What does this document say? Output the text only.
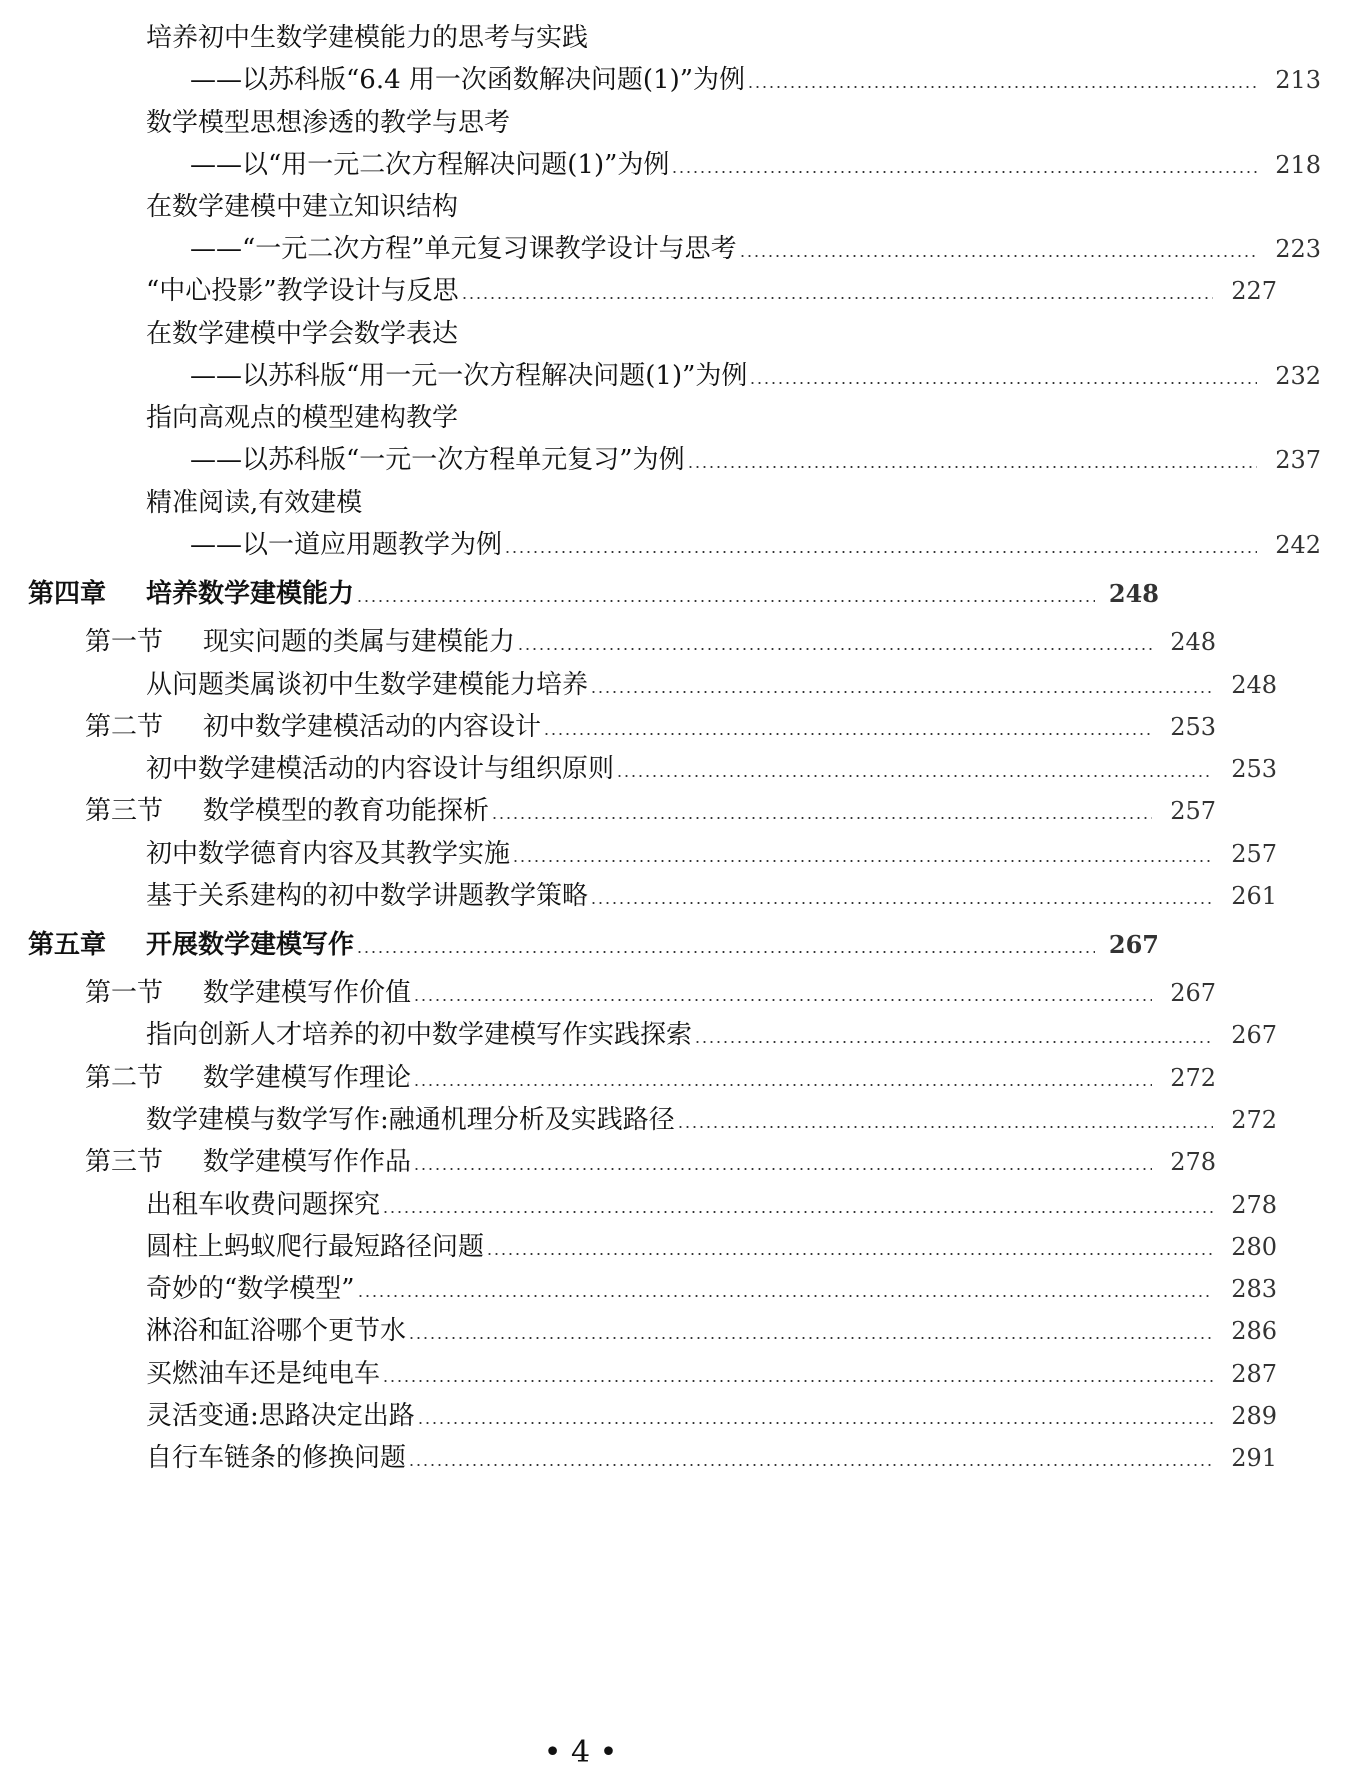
培养初中生数学建模能力的思考与实践
——以苏科版“6.4 用一次函数解决问题(1)”为例	213
数学模型思想渗透的教学与思考
——以“用一元二次方程解决问题(1)”为例	218
在数学建模中建立知识结构
——“一元二次方程”单元复习课教学设计与思考	223
“中心投影”教学设计与反思	227
在数学建模中学会数学表达
——以苏科版“用一元一次方程解决问题(1)”为例	232
指向高观点的模型建构教学
——以苏科版“一元一次方程单元复习”为例	237
精准阅读,有效建模
——以一道应用题教学为例	242
第四章 培养数学建模能力	248
第一节 现实问题的类属与建模能力	248
从问题类属谈初中生数学建模能力培养	248
第二节 初中数学建模活动的内容设计	253
初中数学建模活动的内容设计与组织原则	253
第三节 数学模型的教育功能探析	257
初中数学德育内容及其教学实施	257
基于关系建构的初中数学讲题教学策略	261
第五章 开展数学建模写作	267
第一节 数学建模写作价值	267
指向创新人才培养的初中数学建模写作实践探索	267
第二节 数学建模写作理论	272
数学建模与数学写作:融通机理分析及实践路径	272
第三节 数学建模写作作品	278
出租车收费问题探究	278
圆柱上蚂蚁爬行最短路径问题	280
奇妙的“数学模型”	283
淋浴和缸浴哪个更节水	286
买燃油车还是纯电车	287
灵活变通:思路决定出路	289
自行车链条的修换问题	291
• 4 •
